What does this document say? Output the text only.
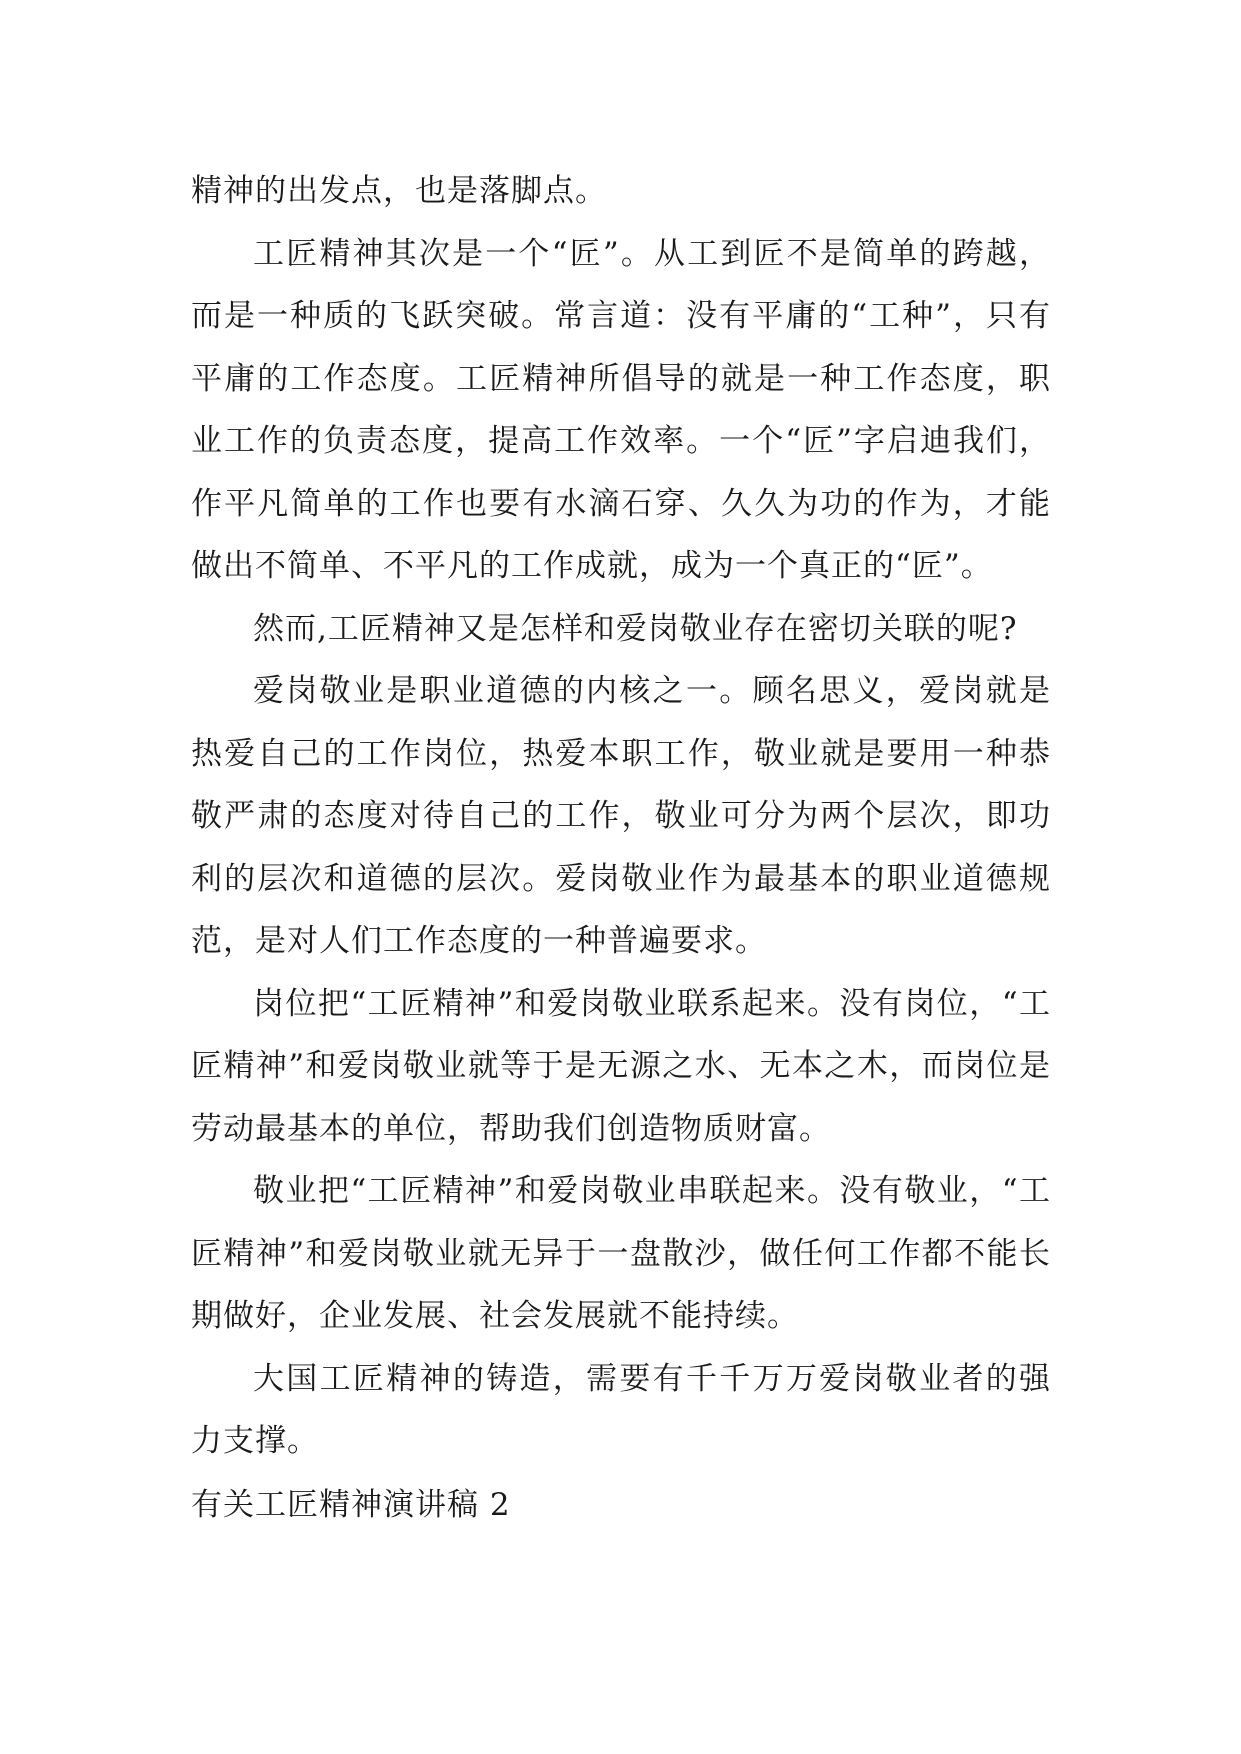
精神的出发点，也是落脚点。

工匠精神其次是一个“匠”。从工到匠不是简单的跨越，而是一种质的飞跃突破。常言道：没有平庸的“工种”，只有平庸的工作态度。工匠精神所倡导的就是一种工作态度，职业工作的负责态度，提高工作效率。一个“匠”字启迪我们，作平凡简单的工作也要有水滴石穿、久久为功的作为，才能做出不简单、不平凡的工作成就，成为一个真正的“匠”。

然而,工匠精神又是怎样和爱岗敬业存在密切关联的呢?

爱岗敬业是职业道德的内核之一。顾名思义，爱岗就是热爱自己的工作岗位，热爱本职工作，敬业就是要用一种恭敬严肃的态度对待自己的工作，敬业可分为两个层次，即功利的层次和道德的层次。爱岗敬业作为最基本的职业道德规范，是对人们工作态度的一种普遍要求。

岗位把“工匠精神”和爱岗敬业联系起来。没有岗位，“工匠精神”和爱岗敬业就等于是无源之水、无本之木，而岗位是劳动最基本的单位，帮助我们创造物质财富。

敬业把“工匠精神”和爱岗敬业串联起来。没有敬业，“工匠精神”和爱岗敬业就无异于一盘散沙，做任何工作都不能长期做好，企业发展、社会发展就不能持续。

大国工匠精神的铸造，需要有千千万万爱岗敬业者的强力支撑。

有关工匠精神演讲稿 2
